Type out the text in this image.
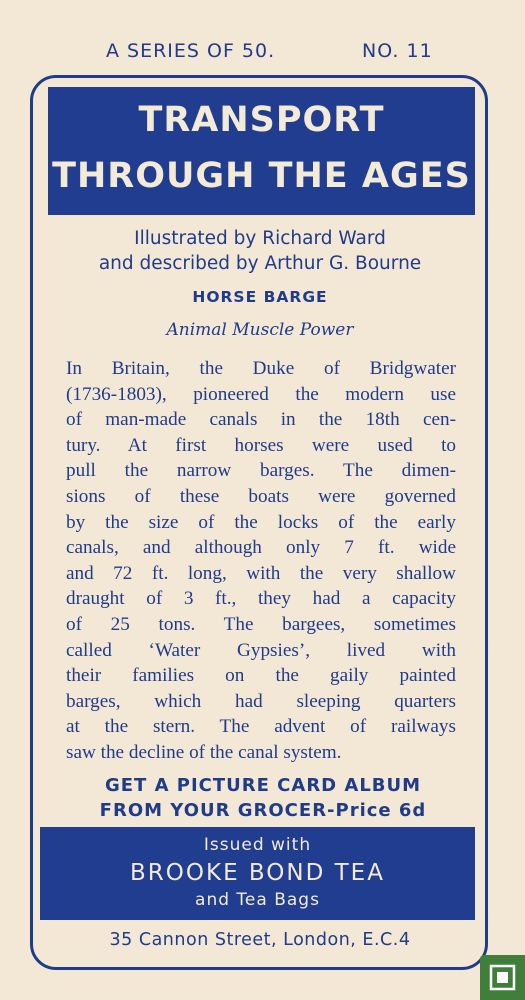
A SERIES OF 50.	NO. 11
TRANSPORT
THROUGH THE AGES
Illustrated by Richard Ward
and described by Arthur G. Bourne
HORSE BARGE
Animal Muscle Power
In Britain, the Duke of Bridgwater
(1736-1803), pioneered the modern use
of man-made canals in the 18th cen-
tury. At first horses were used to
pull the narrow barges. The dimen-
sions of these boats were governed
by the size of the locks of the early
canals, and although only 7 ft. wide
and 72 ft. long, with the very shallow
draught of 3 ft., they had a capacity
of 25 tons. The bargees, sometimes
called ‘Water Gypsies’, lived with
their families on the gaily painted
barges, which had sleeping quarters
at the stern. The advent of railways
saw the decline of the canal system.
GET A PICTURE CARD ALBUM
FROM YOUR GROCER-Price 6d
Issued with
BROOKE BOND TEA
and Tea Bags
35 Cannon Street, London, E.C.4
